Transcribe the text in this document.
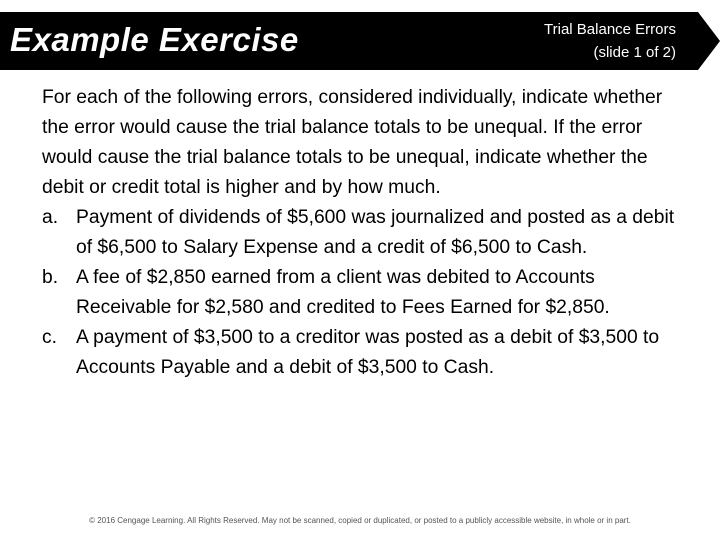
Example Exercise	Trial Balance Errors
(slide 1 of 2)

For each of the following errors, considered individually, indicate whether the error would cause the trial balance totals to be unequal. If the error would cause the trial balance totals to be unequal, indicate whether the debit or credit total is higher and by how much.

a. Payment of dividends of $5,600 was journalized and posted as a debit of $6,500 to Salary Expense and a credit of $6,500 to Cash.
b. A fee of $2,850 earned from a client was debited to Accounts Receivable for $2,580 and credited to Fees Earned for $2,850.
c. A payment of $3,500 to a creditor was posted as a debit of $3,500 to Accounts Payable and a debit of $3,500 to Cash.
© 2016 Cengage Learning. All Rights Reserved. May not be scanned, copied or duplicated, or posted to a publicly accessible website, in whole or in part.
